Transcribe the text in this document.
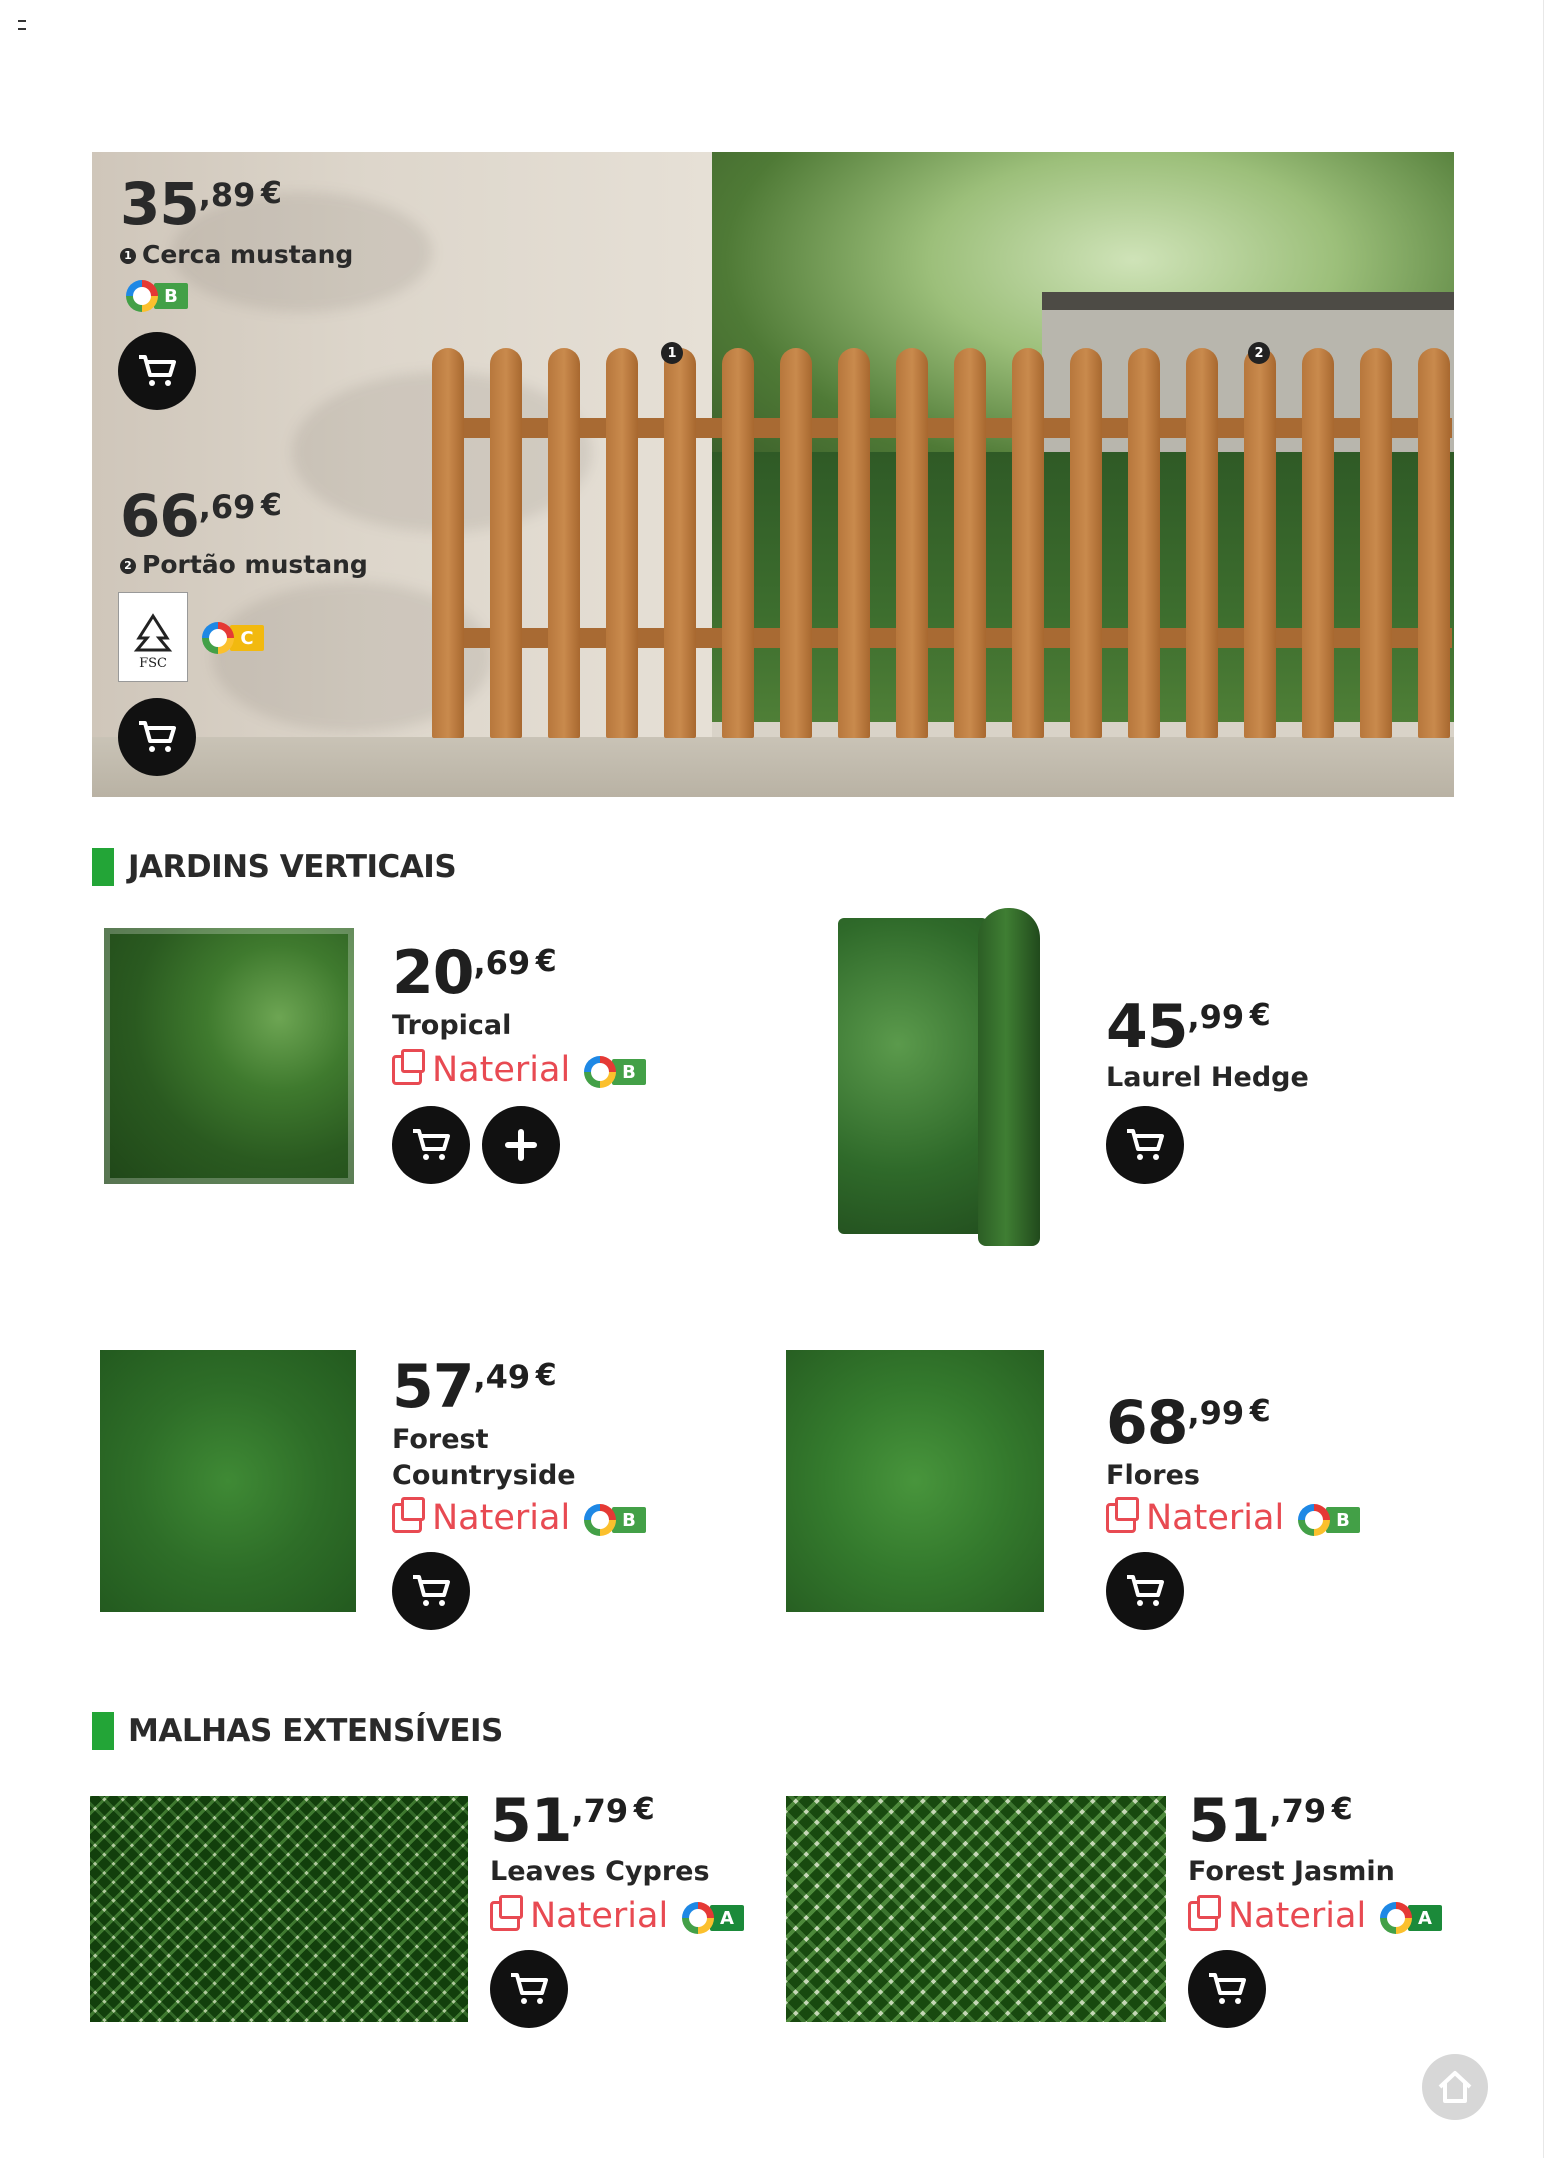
1	2
35,89 €
1 Cerca mustang
B
66,69 €
2 Portão mustang
FSC
C
JARDINS VERTICAIS
20,69 €
Tropical
Naterial	B
45,99 €
Laurel Hedge
57,49 €
Forest
Countryside
Naterial	B
68,99 €
Flores
Naterial	B
MALHAS EXTENSÍVEIS
51,79 €
Leaves Cypres
Naterial	A
51,79 €
Forest Jasmin
Naterial	A
